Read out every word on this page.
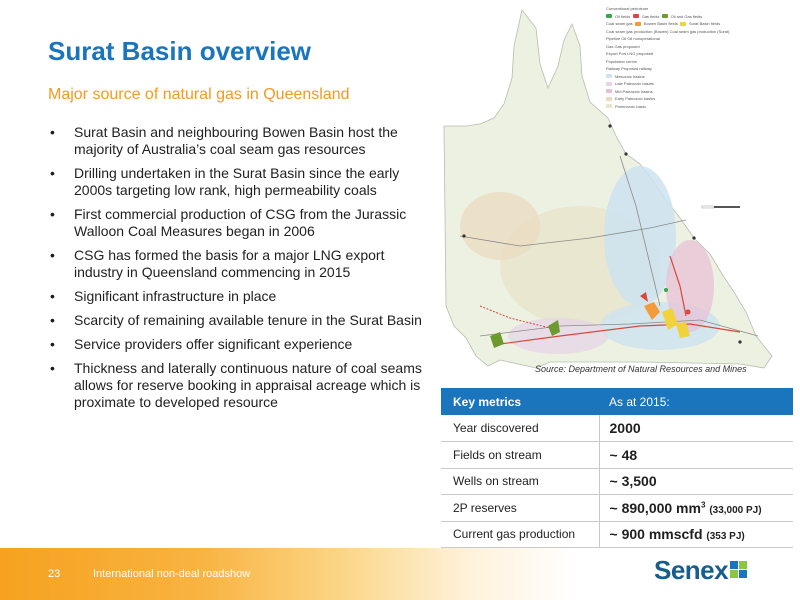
Surat Basin overview
Major source of natural gas in Queensland
• Surat Basin and neighbouring Bowen Basin host the majority of Australia’s coal seam gas resources
• Drilling undertaken in the Surat Basin since the early 2000s targeting low rank, high permeability coals
• First commercial production of CSG from the Jurassic Walloon Coal Measures began in 2006
• CSG has formed the basis for a major LNG export industry in Queensland commencing in 2015
• Significant infrastructure in place
• Scarcity of remaining available tenure in the Surat Basin
• Service providers offer significant experience
• Thickness and laterally continuous nature of coal seams allows for reserve booking in appraisal acreage which is proximate to developed resource
Conventional petroleum
Oil fields	Gas fields	Oil and Gas fields
Coal seam gas	Bowen Basin fields	Surat Basin fields
Coal seam gas production (Bowen) Coal seam gas production (Surat)
Pipeline Oil Oil nonoperational
Gas Gas proposed
Export Port LNG proposed
Population centre
Railway Proposed railway
Mesozoic basins
Late Paleozoic basins
Mid Paleozoic basins
Early Paleozoic basins
Proterozoic basin
Source: Department of Natural Resources and Mines
Key metrics	As at 2015:
Year discovered	2000
Fields on stream	~ 48
Wells on stream	~ 3,500
2P reserves	~ 890,000 $mm^3$ (33,000 PJ)
Current gas production	~ 900 mmscfd (353 PJ)
23	International non-deal roadshow	Senex
